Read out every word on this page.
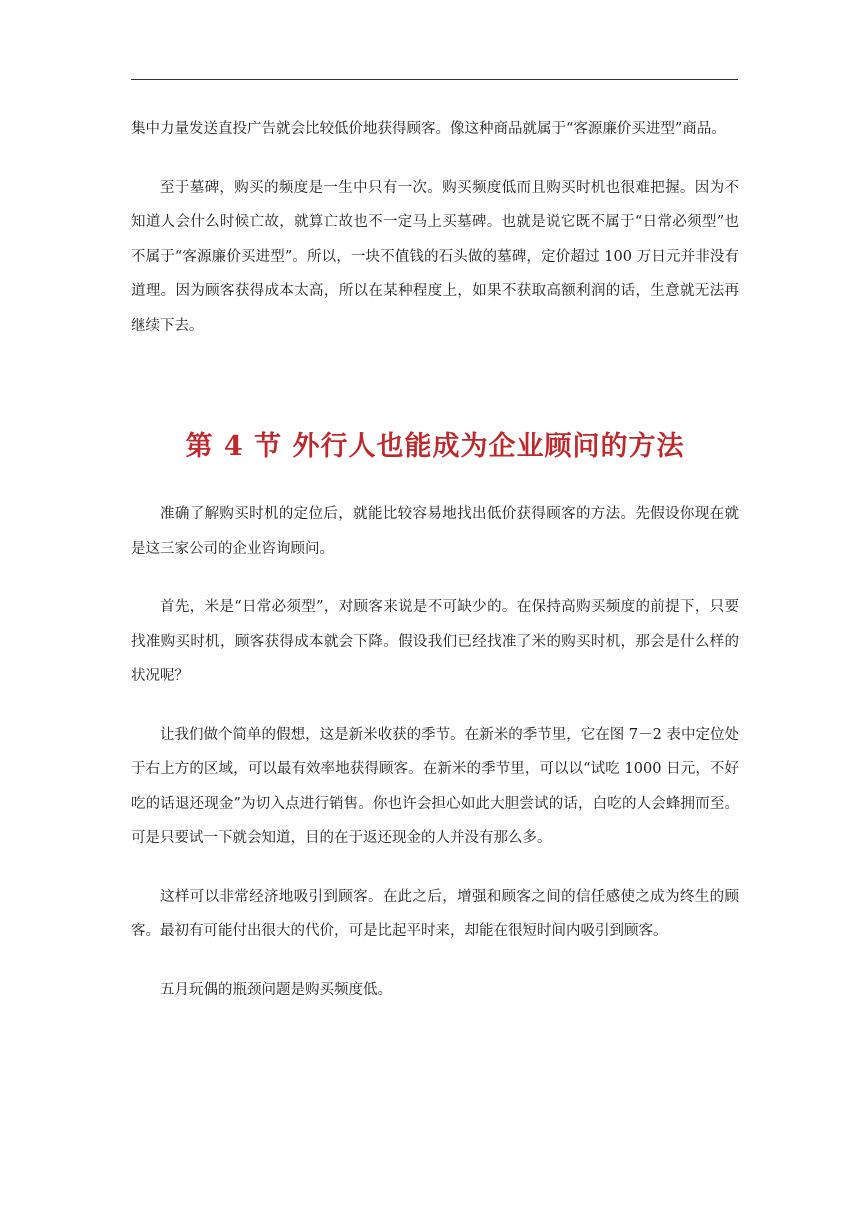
集中力量发送直投广告就会比较低价地获得顾客。像这种商品就属于“客源廉价买进型”商品。

至于墓碑，购买的频度是一生中只有一次。购买频度低而且购买时机也很难把握。因为不知道人会什么时候亡故，就算亡故也不一定马上买墓碑。也就是说它既不属于“日常必须型”也不属于“客源廉价买进型”。所以，一块不值钱的石头做的墓碑，定价超过 100 万日元并非没有道理。因为顾客获得成本太高，所以在某种程度上，如果不获取高额利润的话，生意就无法再继续下去。

第 4 节 外行人也能成为企业顾问的方法

准确了解购买时机的定位后，就能比较容易地找出低价获得顾客的方法。先假设你现在就是这三家公司的企业咨询顾问。

首先，米是“日常必须型”，对顾客来说是不可缺少的。在保持高购买频度的前提下，只要找准购买时机，顾客获得成本就会下降。假设我们已经找准了米的购买时机，那会是什么样的状况呢？

让我们做个简单的假想，这是新米收获的季节。在新米的季节里，它在图 7－2 表中定位处于右上方的区域，可以最有效率地获得顾客。在新米的季节里，可以以“试吃 1000 日元，不好吃的话退还现金”为切入点进行销售。你也许会担心如此大胆尝试的话，白吃的人会蜂拥而至。可是只要试一下就会知道，目的在于返还现金的人并没有那么多。

这样可以非常经济地吸引到顾客。在此之后，增强和顾客之间的信任感使之成为终生的顾客。最初有可能付出很大的代价，可是比起平时来，却能在很短时间内吸引到顾客。

五月玩偶的瓶颈问题是购买频度低。
